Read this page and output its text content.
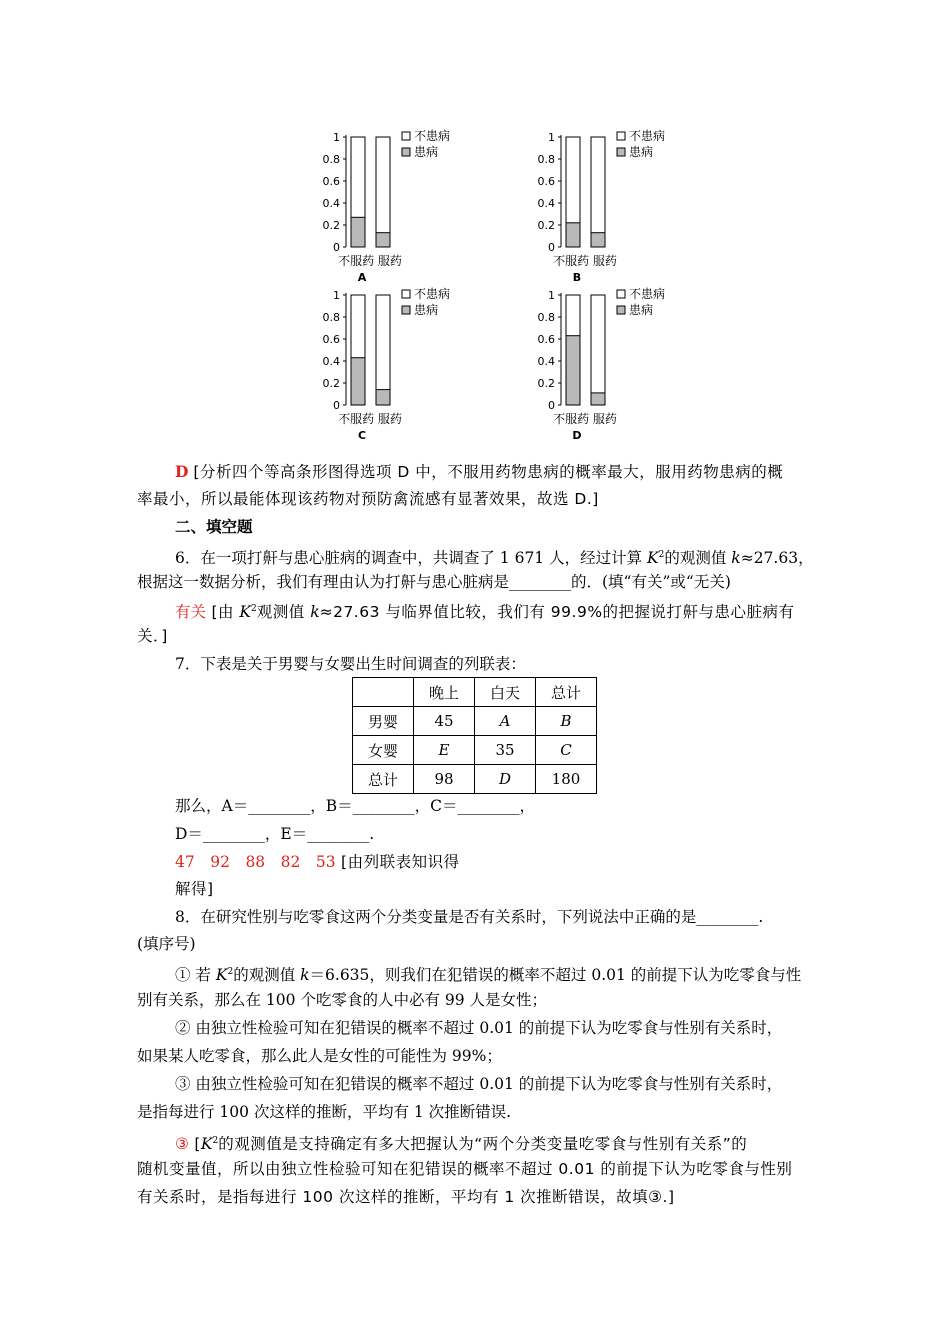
0
0.2
0.4
0.6
0.8
1
不服药 服药
A
不患病
患病
0
0.2
0.4
0.6
0.8
1
不服药 服药
B
不患病
患病
0
0.2
0.4
0.6
0.8
1
不服药 服药
C
不患病
患病
0
0.2
0.4
0.6
0.8
1
不服药 服药
D
不患病
患病
D [分析四个等高条形图得选项 D 中，不服用药物患病的概率最大，服用药物患病的概
率最小，所以最能体现该药物对预防禽流感有显著效果，故选 D.]
二、填空题
6．在一项打鼾与患心脏病的调查中，共调查了 1 671 人，经过计算 $K^2$的观测值 k≈27.63，
根据这一数据分析，我们有理由认为打鼾与患心脏病是________的．(填“有关”或“无关)
有关 [由 $K^2$观测值 k≈27.63 与临界值比较，我们有 99.9%的把握说打鼾与患心脏病有
关．]
7．下表是关于男婴与女婴出生时间调查的列联表：
	晚上	白天	总计
男婴	45	A	B
女婴	E	35	C
总计	98	D	180
那么，A＝________，B＝________，C＝________，
D＝________，E＝________.
47　92　88　82　53 [由列联表知识得
解得]
8．在研究性别与吃零食这两个分类变量是否有关系时，下列说法中正确的是________.
(填序号)
① 若 $K^2$的观测值 k＝6.635，则我们在犯错误的概率不超过 0.01 的前提下认为吃零食与性
别有关系，那么在 100 个吃零食的人中必有 99 人是女性；
② 由独立性检验可知在犯错误的概率不超过 0.01 的前提下认为吃零食与性别有关系时，
如果某人吃零食，那么此人是女性的可能性为 99%；
③ 由独立性检验可知在犯错误的概率不超过 0.01 的前提下认为吃零食与性别有关系时，
是指每进行 100 次这样的推断，平均有 1 次推断错误.
③ [$K^2$的观测值是支持确定有多大把握认为“两个分类变量吃零食与性别有关系”的
随机变量值，所以由独立性检验可知在犯错误的概率不超过 0.01 的前提下认为吃零食与性别
有关系时，是指每进行 100 次这样的推断，平均有 1 次推断错误，故填③.]
